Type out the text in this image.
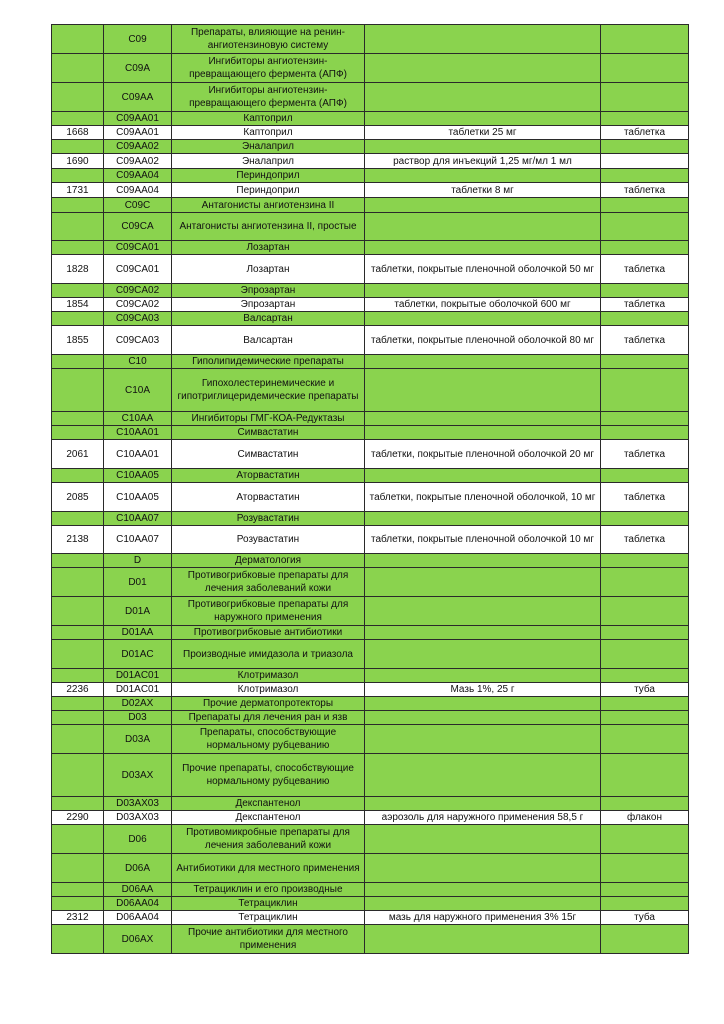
	C09	Препараты, влияющие на ренин-ангиотензиновую систему		
	C09A	Ингибиторы ангиотензин-превращающего фермента (АПФ)		
	C09AA	Ингибиторы ангиотензин-превращающего фермента (АПФ)		
	C09AA01	Каптоприл		
1668	C09AA01	Каптоприл	таблетки 25 мг	таблетка
	C09AA02	Эналаприл		
1690	C09AA02	Эналаприл	раствор для инъекций 1,25 мг/мл 1 мл	
	C09AA04	Периндоприл		
1731	C09AA04	Периндоприл	таблетки 8 мг	таблетка
	C09C	Антагонисты ангиотензина II		
	C09CA	Антагонисты ангиотензина II, простые		
	C09CA01	Лозартан		
1828	C09CA01	Лозартан	таблетки, покрытые пленочной оболочкой 50 мг	таблетка
	C09CA02	Эпрозартан		
1854	C09CA02	Эпрозартан	таблетки, покрытые оболочкой 600 мг	таблетка
	C09CA03	Валсартан		
1855	C09CA03	Валсартан	таблетки, покрытые пленочной оболочкой 80 мг	таблетка
	C10	Гиполипидемические препараты		
	C10A	Гипохолестеринемические и гипотриглицеридемические препараты		
	C10AA	Ингибиторы ГМГ-КОА-Редуктазы		
	C10AA01	Симвастатин		
2061	C10AA01	Симвастатин	таблетки, покрытые пленочной оболочкой 20 мг	таблетка
	C10AA05	Аторвастатин		
2085	C10AA05	Аторвастатин	таблетки, покрытые пленочной оболочкой, 10 мг	таблетка
	C10AA07	Розувастатин		
2138	C10AA07	Розувастатин	таблетки, покрытые пленочной оболочкой 10 мг	таблетка
	D	Дерматология		
	D01	Противогрибковые препараты для лечения заболеваний кожи		
	D01A	Противогрибковые препараты для наружного применения		
	D01AA	Противогрибковые антибиотики		
	D01AC	Производные имидазола и триазола		
	D01AC01	Клотримазол		
2236	D01AC01	Клотримазол	Мазь 1%, 25 г	туба
	D02AX	Прочие дерматопротекторы		
	D03	Препараты для лечения ран и язв		
	D03A	Препараты, способствующие нормальному рубцеванию		
	D03AX	Прочие препараты, способствующие нормальному рубцеванию		
	D03AX03	Декспантенол		
2290	D03AX03	Декспантенол	аэрозоль для наружного применения 58,5 г	флакон
	D06	Противомикробные препараты для лечения заболеваний кожи		
	D06A	Антибиотики для местного применения		
	D06AA	Тетрациклин и его производные		
	D06AA04	Тетрациклин		
2312	D06AA04	Тетрациклин	мазь для наружного применения 3% 15г	туба
	D06AX	Прочие антибиотики для местного применения		
